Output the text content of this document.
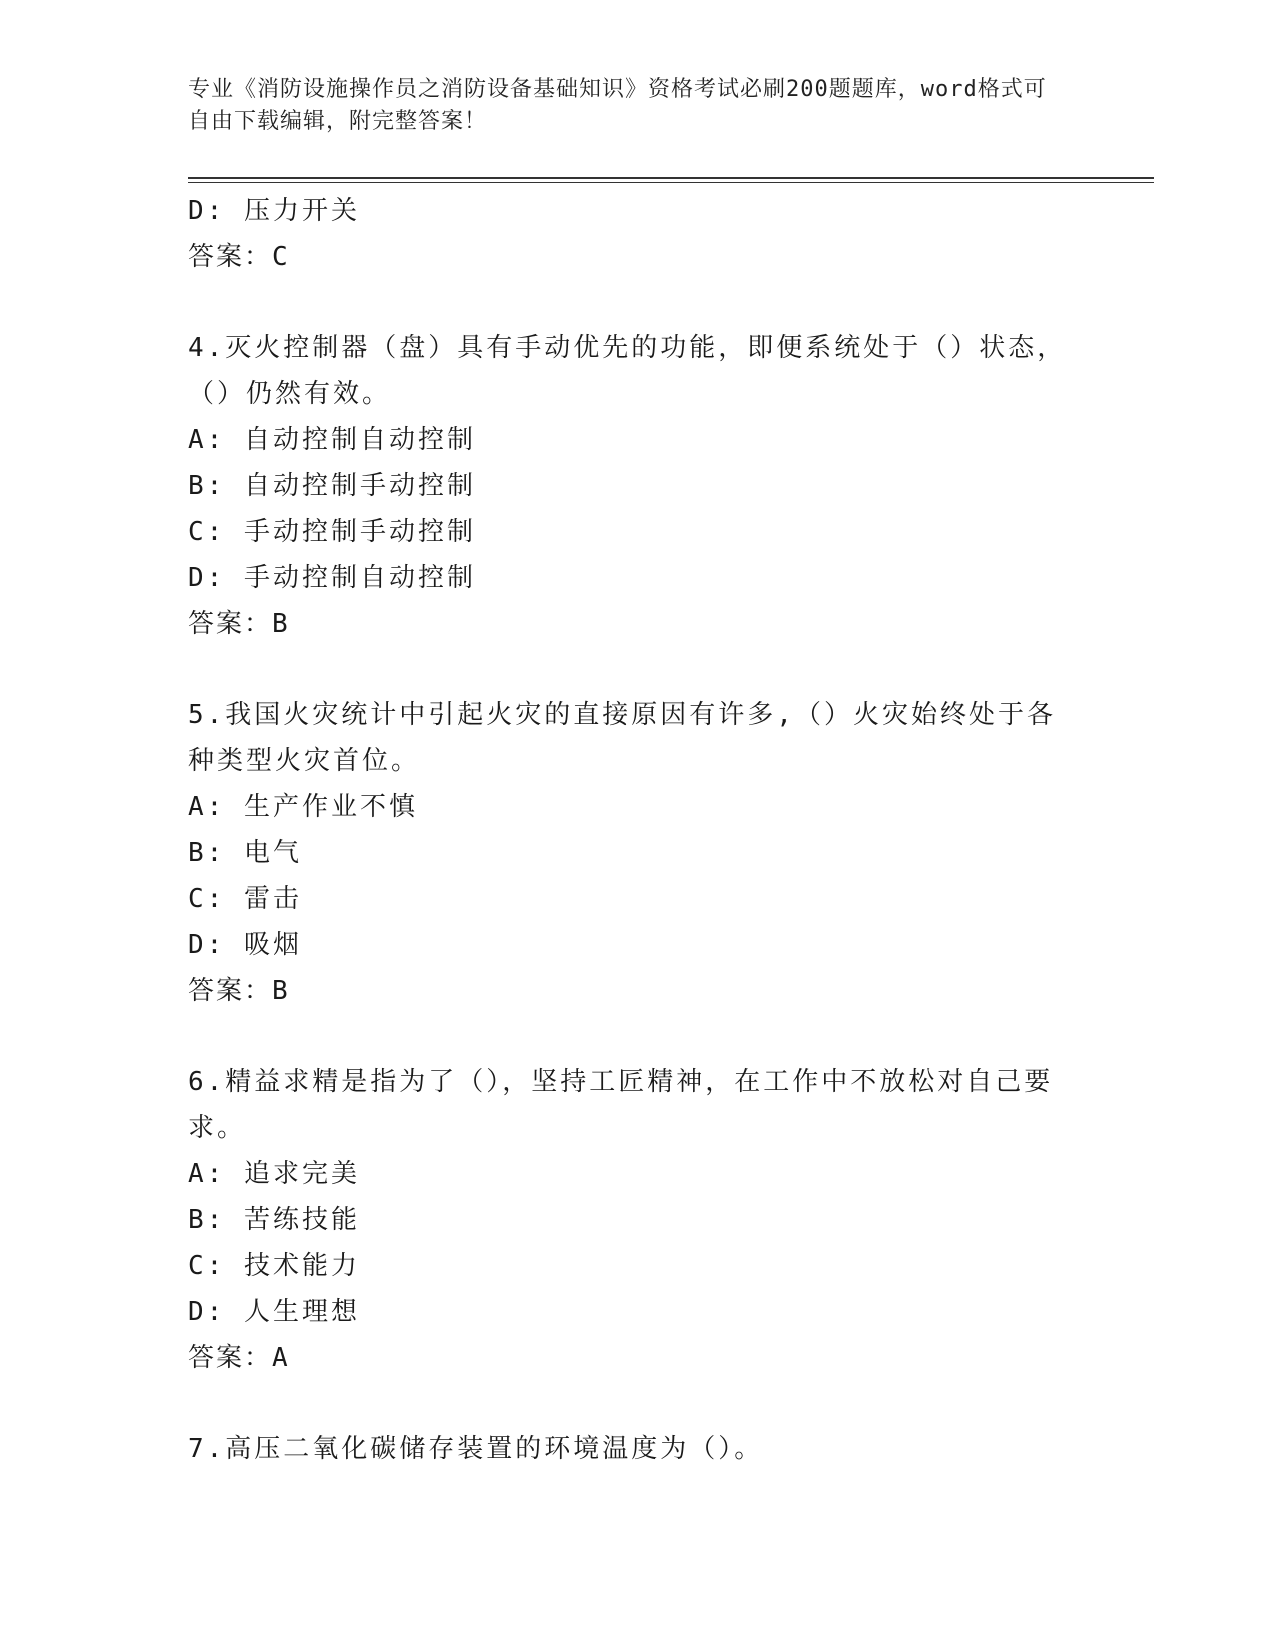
专业《消防设施操作员之消防设备基础知识》资格考试必刷200题题库，word格式可自由下载编辑，附完整答案！
D: 压力开关
答案：C
4.灭火控制器（盘）具有手动优先的功能，即便系统处于（）状态，（）仍然有效。
A: 自动控制自动控制
B: 自动控制手动控制
C: 手动控制手动控制
D: 手动控制自动控制
答案：B
5.我国火灾统计中引起火灾的直接原因有许多,（）火灾始终处于各种类型火灾首位。
A: 生产作业不慎
B: 电气
C: 雷击
D: 吸烟
答案：B
6.精益求精是指为了（），坚持工匠精神，在工作中不放松对自己要求。
A: 追求完美
B: 苦练技能
C: 技术能力
D: 人生理想
答案：A
7.高压二氧化碳储存装置的环境温度为（）。
